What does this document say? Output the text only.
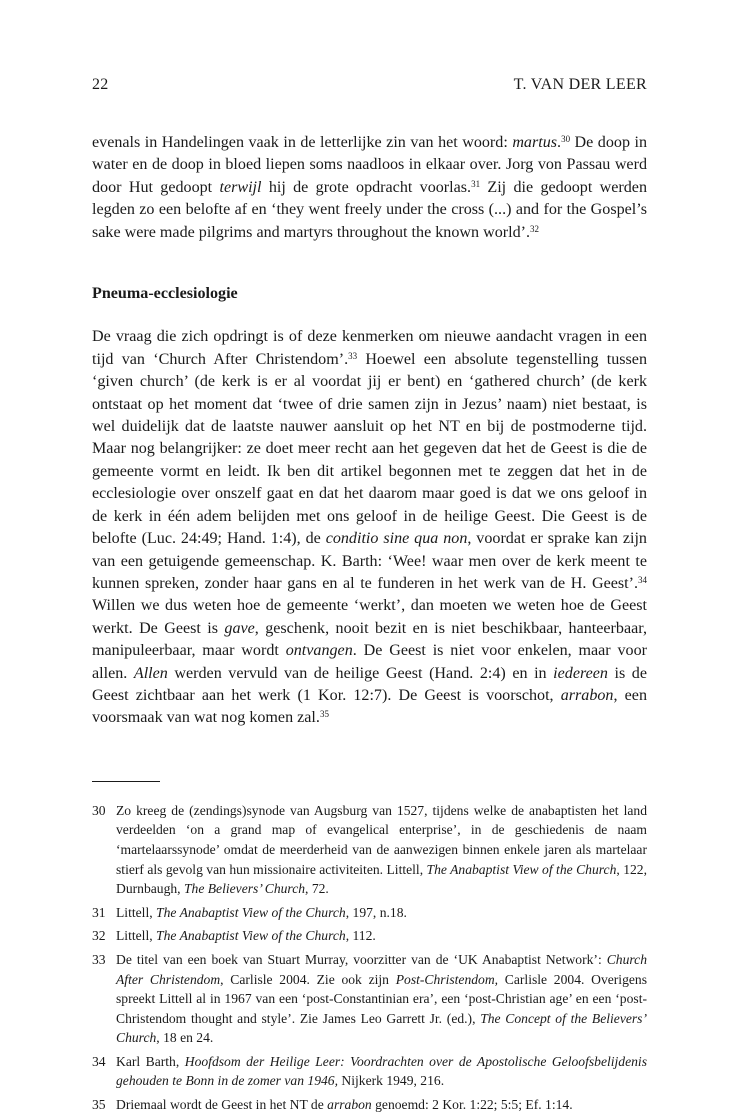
22	T. VAN DER LEER

evenals in Handelingen vaak in de letterlijke zin van het woord: martus.$^{30}$ De doop in water en de doop in bloed liepen soms naadloos in elkaar over. Jorg von Passau werd door Hut gedoopt terwijl hij de grote opdracht voorlas.$^{31}$ Zij die gedoopt werden legden zo een belofte af en ‘they went freely under the cross (...) and for the Gospel’s sake were made pilgrims and martyrs throughout the known world’.$^{32}$

Pneuma-ecclesiologie

De vraag die zich opdringt is of deze kenmerken om nieuwe aandacht vragen in een tijd van ‘Church After Christendom’.$^{33}$ Hoewel een absolute tegenstelling tussen ‘given church’ (de kerk is er al voordat jij er bent) en ‘gathered church’ (de kerk ontstaat op het moment dat ‘twee of drie samen zijn in Jezus’ naam) niet bestaat, is wel duidelijk dat de laatste nauwer aansluit op het NT en bij de postmoderne tijd. Maar nog belangrijker: ze doet meer recht aan het gegeven dat het de Geest is die de gemeente vormt en leidt. Ik ben dit artikel begonnen met te zeggen dat het in de ecclesiologie over onszelf gaat en dat het daarom maar goed is dat we ons geloof in de kerk in één adem belijden met ons geloof in de heilige Geest. Die Geest is de belofte (Luc. 24:49; Hand. 1:4), de conditio sine qua non, voordat er sprake kan zijn van een getuigende gemeenschap. K. Barth: ‘Wee! waar men over de kerk meent te kunnen spreken, zonder haar gans en al te funderen in het werk van de H. Geest’.$^{34}$ Willen we dus weten hoe de gemeente ‘werkt’, dan moeten we weten hoe de Geest werkt. De Geest is gave, geschenk, nooit bezit en is niet beschikbaar, hanteerbaar, manipuleerbaar, maar wordt ontvangen. De Geest is niet voor enkelen, maar voor allen. Allen werden vervuld van de heilige Geest (Hand. 2:4) en in iedereen is de Geest zichtbaar aan het werk (1 Kor. 12:7). De Geest is voorschot, arrabon, een voorsmaak van wat nog komen zal.$^{35}$

30 Zo kreeg de (zendings)synode van Augsburg van 1527, tijdens welke de anabaptisten het land verdeelden ‘on a grand map of evangelical enterprise’, in de geschiedenis de naam ‘martelaarssynode’ omdat de meerderheid van de aanwezigen binnen enkele jaren als martelaar stierf als gevolg van hun missionaire activiteiten. Littell, The Anabaptist View of the Church, 122, Durnbaugh, The Believers’ Church, 72.
31 Littell, The Anabaptist View of the Church, 197, n.18.
32 Littell, The Anabaptist View of the Church, 112.
33 De titel van een boek van Stuart Murray, voorzitter van de ‘UK Anabaptist Network’: Church After Christendom, Carlisle 2004. Zie ook zijn Post-Christendom, Carlisle 2004. Overigens spreekt Littell al in 1967 van een ‘post-Constantinian era’, een ‘post-Christian age’ en een ‘post-Christendom thought and style’. Zie James Leo Garrett Jr. (ed.), The Concept of the Believers’ Church, 18 en 24.
34 Karl Barth, Hoofdsom der Heilige Leer: Voordrachten over de Apostolische Geloofsbelijdenis gehouden te Bonn in de zomer van 1946, Nijkerk 1949, 216.
35 Driemaal wordt de Geest in het NT de arrabon genoemd: 2 Kor. 1:22; 5:5; Ef. 1:14.
